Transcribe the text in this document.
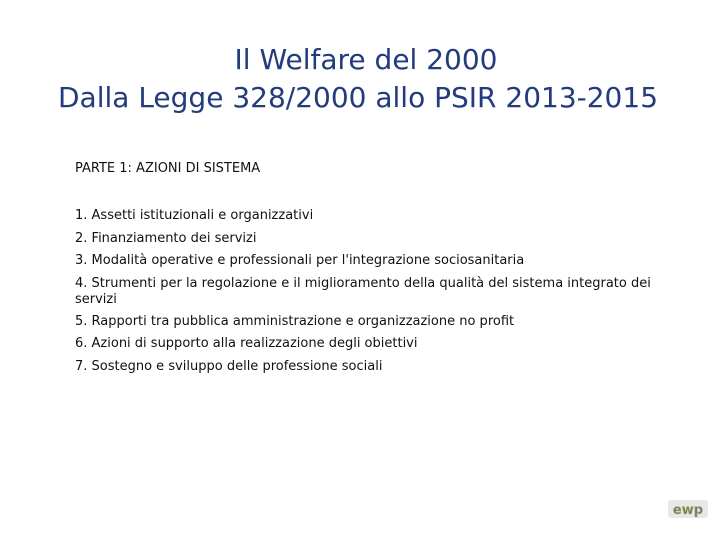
Il Welfare del 2000
Dalla Legge 328/2000 allo PSIR 2013-2015
PARTE 1: AZIONI DI SISTEMA
1. Assetti istituzionali e organizzativi
2. Finanziamento dei servizi
3. Modalità operative e professionali per l'integrazione sociosanitaria
4. Strumenti per la regolazione e il miglioramento della qualità del sistema integrato dei servizi
5. Rapporti tra pubblica amministrazione e organizzazione no profit
6. Azioni di supporto alla realizzazione degli obiettivi
7. Sostegno e sviluppo delle professione sociali
ewp
